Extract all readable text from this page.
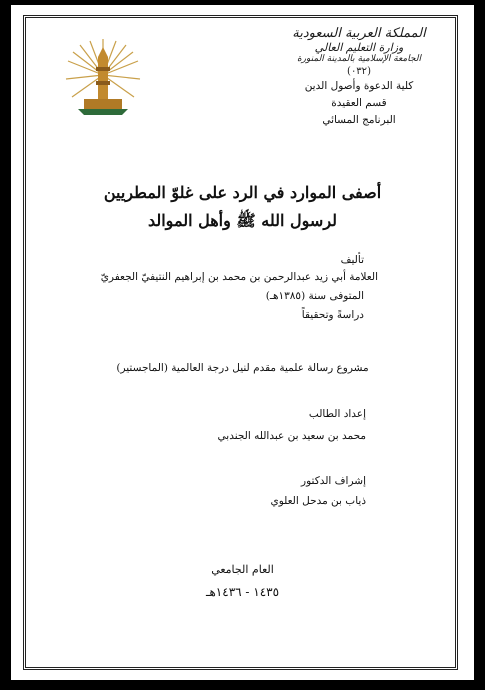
المملكة العربية السعودية
وزارة التعليم العالي
الجامعة الإسلامية بالمدينة المنورة
(٠٣٢)
كلية الدعوة وأصول الدين
قسم العقيدة
البرنامج المسائي
أصفى الموارد في الرد على غلوّ المطريين
لرسول الله ﷺ وأهل الموالد
تأليف
العلامة أبي زيد عبدالرحمن بن محمد بن إبراهيم النتيفيّ الجعفريّ
المتوفى سنة (١٣٨٥هـ)
دراسةً وتحقيقاً
مشروع رسالة علمية مقدم لنيل درجة العالمية (الماجستير)
إعداد الطالب
محمد بن سعيد بن عبدالله الجندبي
إشراف الدكتور
ذياب بن مدحل العلوي
العام الجامعي
١٤٣٥ - ١٤٣٦هـ
